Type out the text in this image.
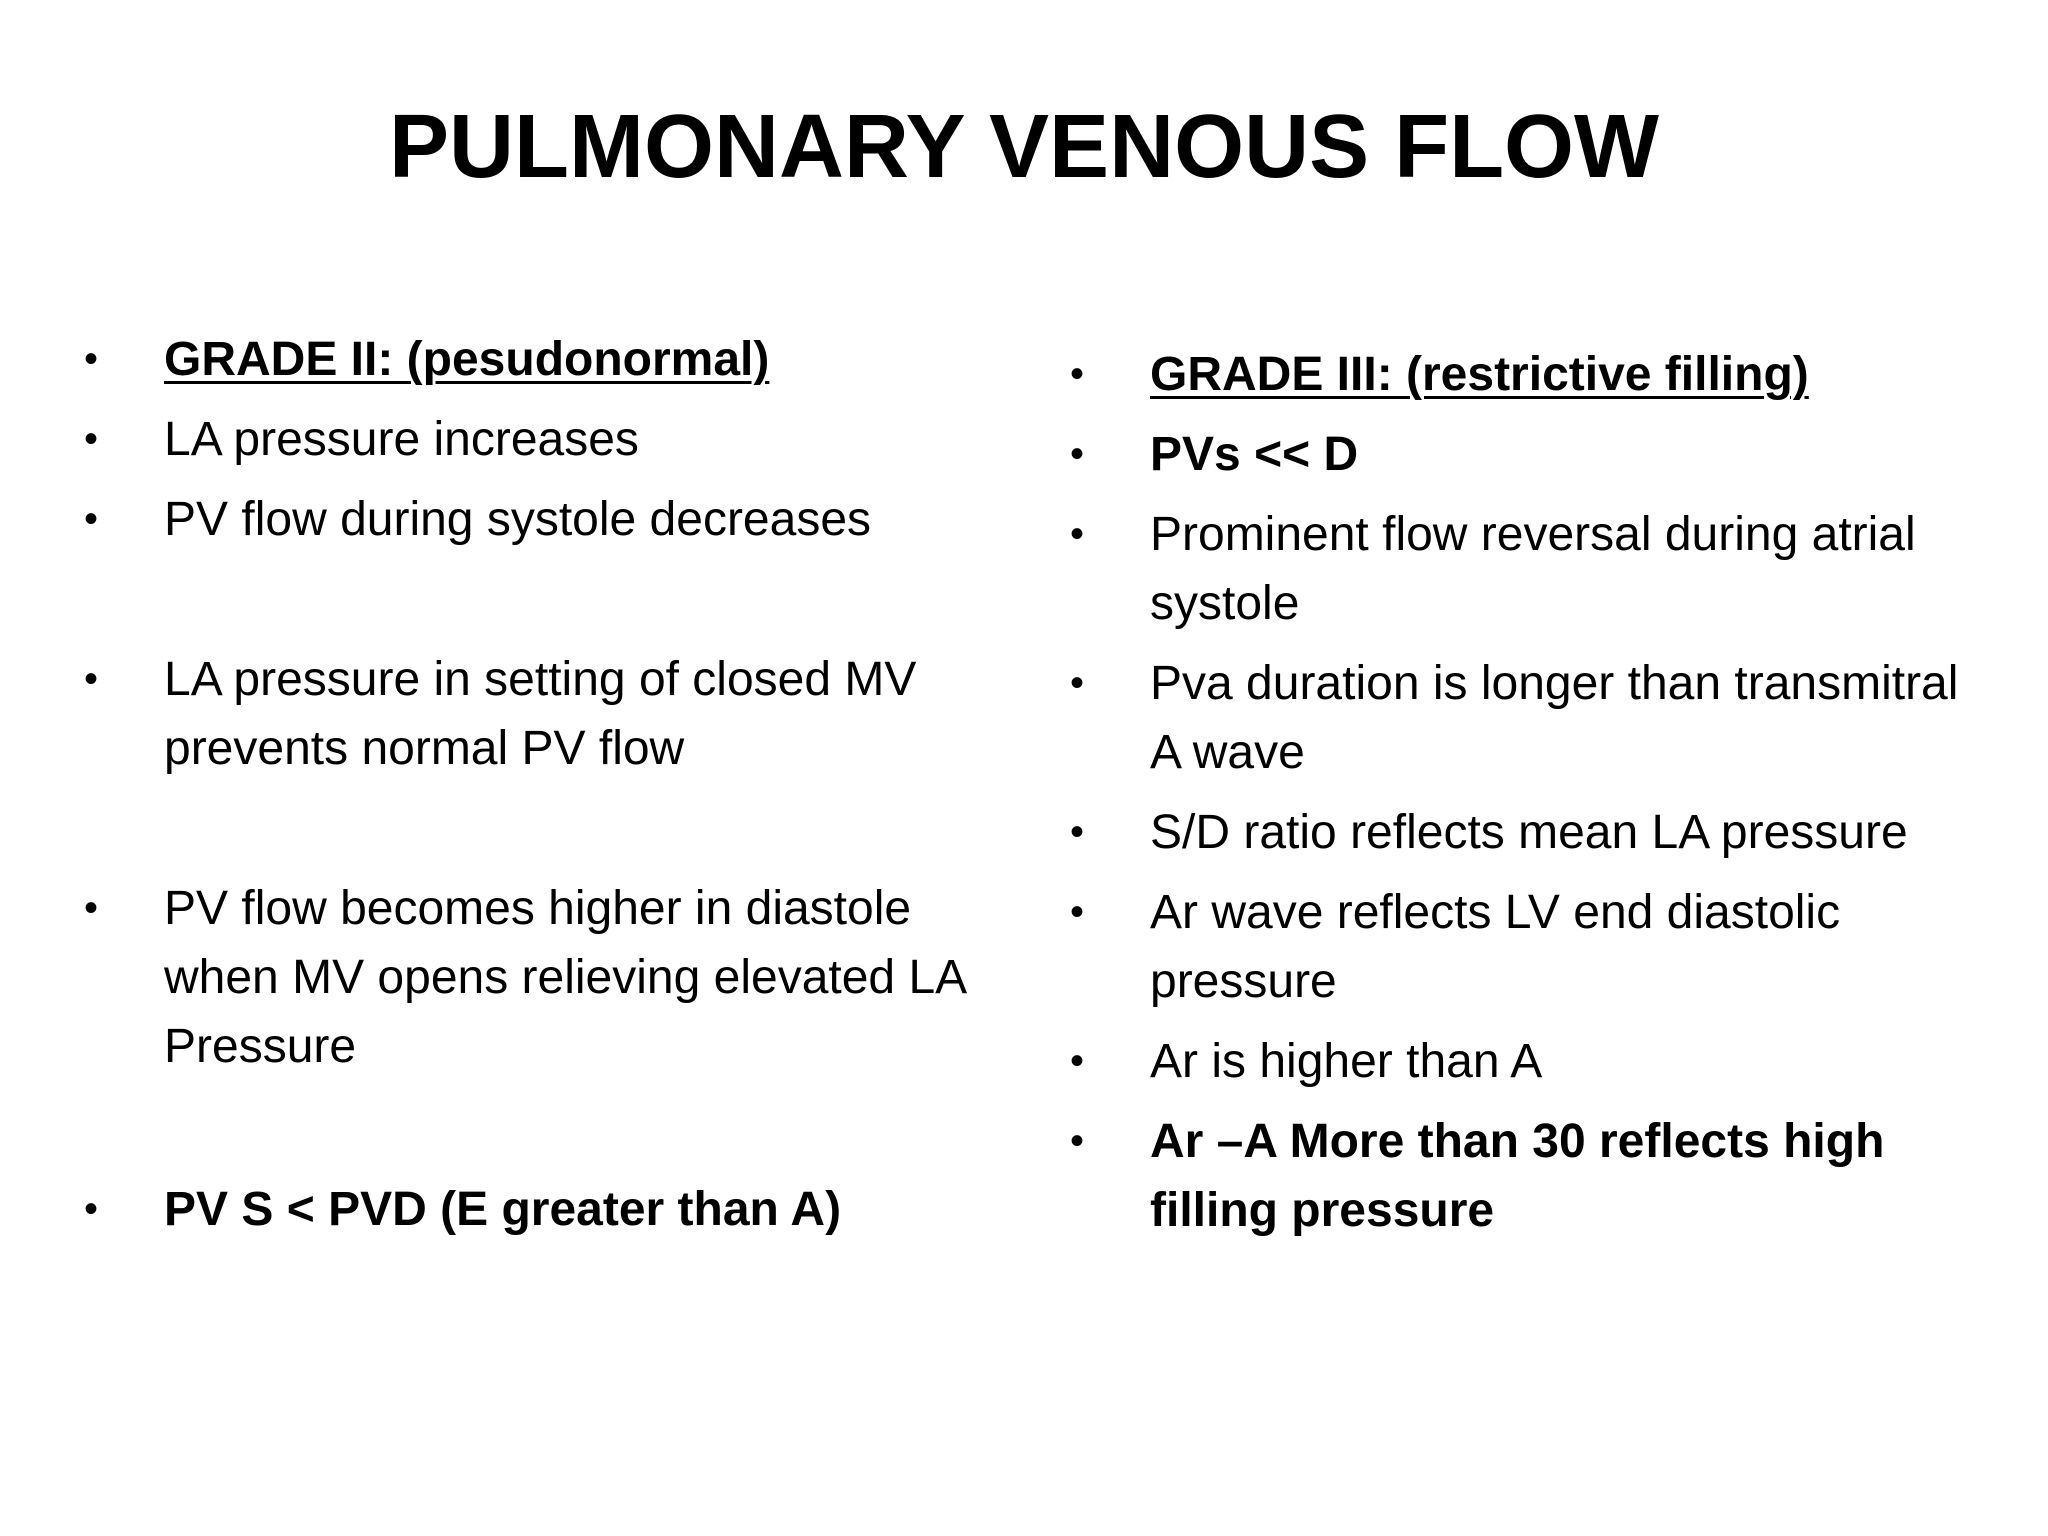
PULMONARY VENOUS FLOW
•	GRADE II: (pesudonormal)
•	LA pressure increases
•	PV flow during systole decreases
•	LA pressure in setting of closed MV prevents normal PV flow
•	PV flow becomes higher in diastole when MV opens relieving elevated LA Pressure
•	PV S < PVD (E greater than A)
•	GRADE III: (restrictive filling)
•	PVs << D
•	Prominent flow reversal during atrial systole
•	Pva duration is longer than transmitral A wave
•	S/D ratio reflects mean LA pressure
•	Ar wave reflects LV end diastolic pressure
•	Ar is higher than A
•	Ar –A More than 30 reflects high filling pressure
